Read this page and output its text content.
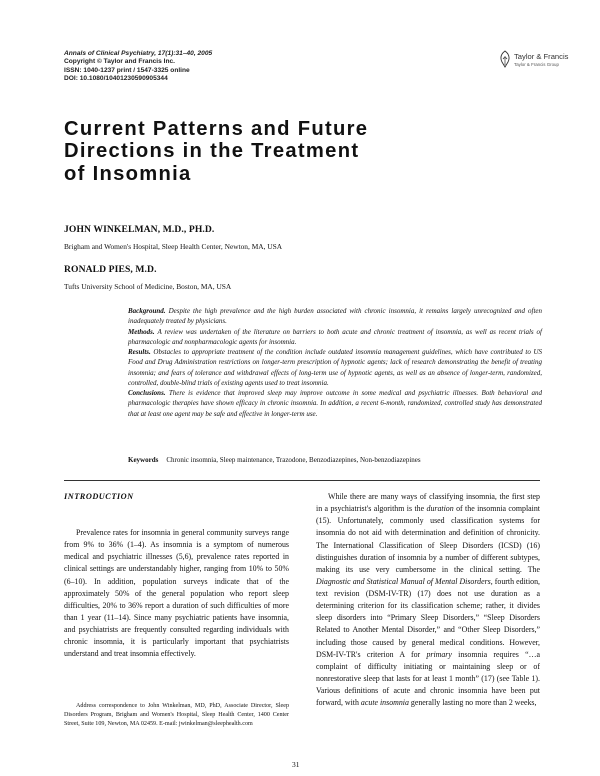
Annals of Clinical Psychiatry, 17(1):31–40, 2005
Copyright © Taylor and Francis Inc.
ISSN: 1040-1237 print / 1547-3325 online
DOI: 10.1080/10401230590905344
Taylor & Francis
Taylor & Francis Group
Current Patterns and Future
Directions in the Treatment
of Insomnia
JOHN WINKELMAN, M.D., PH.D.
Brigham and Women's Hospital, Sleep Health Center, Newton, MA, USA
RONALD PIES, M.D.
Tufts University School of Medicine, Boston, MA, USA

Background. Despite the high prevalence and the high burden associated with chronic insomnia, it remains largely unrecognized and often inadequately treated by physicians.

Methods. A review was undertaken of the literature on barriers to both acute and chronic treatment of insomnia, as well as recent trials of pharmacologic and nonpharmacologic agents for insomnia.

Results. Obstacles to appropriate treatment of the condition include outdated insomnia management guidelines, which have contributed to US Food and Drug Administration restrictions on longer-term prescription of hypnotic agents; lack of research demonstrating the benefit of treating insomnia; and fears of tolerance and withdrawal effects of long-term use of hypnotic agents, as well as an absence of longer-term, randomized, controlled, double-blind trials of existing agents used to treat insomnia.

Conclusions. There is evidence that improved sleep may improve outcome in some medical and psychiatric illnesses. Both behavioral and pharmacologic therapies have shown efficacy in chronic insomnia. In addition, a recent 6-month, randomized, controlled study has demonstrated that at least one agent may be safe and effective in longer-term use.

Keywords Chronic insomnia, Sleep maintenance, Trazodone, Benzodiazepines, Non-benzodiazepines
INTRODUCTION

Prevalence rates for insomnia in general community surveys range from 9% to 36% (1–4). As insomnia is a symptom of numerous medical and psychiatric illnesses (5,6), prevalence rates reported in clinical settings are understandably higher, ranging from 10% to 50% (6–10). In addition, population surveys indicate that of the approximately 50% of the general population who report sleep difficulties, 20% to 36% report a duration of such difficulties of more than 1 year (11–14). Since many psychiatric patients have insomnia, and psychiatrists are frequently consulted regarding individuals with chronic insomnia, it is particularly important that psychiatrists understand and treat insomnia effectively.

While there are many ways of classifying insomnia, the first step in a psychiatrist's algorithm is the duration of the insomnia complaint (15). Unfortunately, commonly used classification systems for insomnia do not aid with determination and definition of chronicity. The International Classification of Sleep Disorders (ICSD) (16) distinguishes duration of insomnia by a number of different subtypes, making its use very cumbersome in the clinical setting. The Diagnostic and Statistical Manual of Mental Disorders, fourth edition, text revision (DSM-IV-TR) (17) does not use duration as a determining criterion for its classification scheme; rather, it divides sleep disorders into “Primary Sleep Disorders,” “Sleep Disorders Related to Another Mental Disorder,” and “Other Sleep Disorders,” including those caused by general medical conditions. However, DSM-IV-TR's criterion A for primary insomnia requires “…a complaint of difficulty initiating or maintaining sleep or of nonrestorative sleep that lasts for at least 1 month” (17) (see Table 1). Various definitions of acute and chronic insomnia have been put forward, with acute insomnia generally lasting no more than 2 weeks,

Address correspondence to John Winkelman, MD, PhD, Associate Director, Sleep Disorders Program, Brigham and Women's Hospital, Sleep Health Center, 1400 Center Street, Suite 109, Newton, MA 02459. E-mail: jwinkelman@sleephealth.com

31
